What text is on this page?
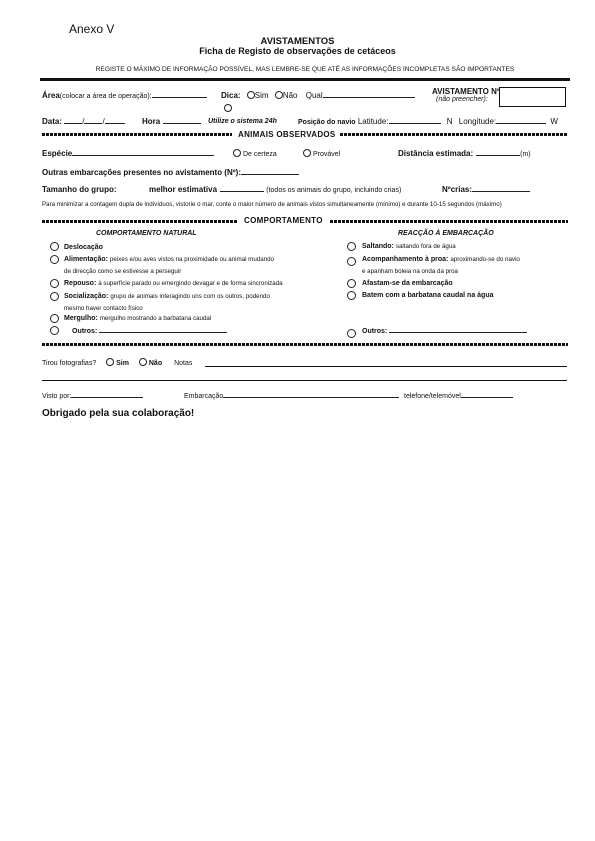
Anexo V
AVISTAMENTOS
Ficha de Registo de observações de cetáceos
REGISTE O MÁXIMO DE INFORMAÇÃO POSSÍVEL, MAS LEMBRE-SE QUE ATÉ AS INFORMAÇÕES INCOMPLETAS SÃO IMPORTANTES
Área(colocar a área de operação):	Dica: Sim Não Qual	AVISTAMENTO Nº
(não preencher):
Data:	/ /	Hora	Utilize o sistema 24h	Posição do navio Latitude:	N Longitude:	W
ANIMAIS OBSERVADOS
Espécie	De certeza	Provável	Distância estimada:	(m)
Outras embarcações presentes no avistamento (Nº):
Tamanho do grupo:	melhor estimativa	(todos os animais do grupo, incluindo crias)	Nºcrias:
Para minimizar a contagem dupla de indivíduos, vistorie o mar, conte o maior número de animais vistos simultaneamente (mínimo) e durante 10-15 segundos (máximo)
COMPORTAMENTO
COMPORTAMENTO NATURAL	REACÇÃO À EMBARCAÇÃO
Deslocação
Alimentação: peixes e/ou aves vistos na proximidade ou animal mudando
de direcção como se estivesse a perseguir
Repouso: à superfície parado ou emergindo devagar e de forma sincronizada
Socialização: grupo de animais interagindo uns com os outros, podendo
mesmo haver contacto físico
Mergulho: mergulho mostrando a barbatana caudal
Outros:
Saltando: saltando fora de água
Acompanhamento à proa: aproximando-se do navio
e apanham boleia na onda da proa
Afastam-se da embarcação
Batem com a barbatana caudal na água
Outros:
Tirou fotografias?	Sim	Não Notas
Visto por:	Embarcação	telefone/telemóvel
Obrigado pela sua colaboração!
